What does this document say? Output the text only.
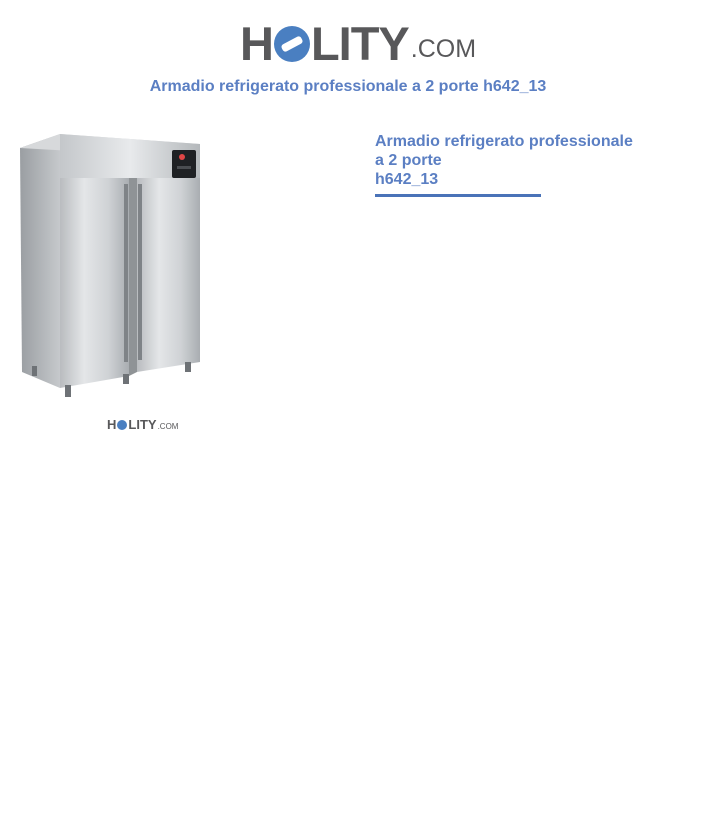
H LITY .COM
Armadio refrigerato professionale a 2 porte h642_13
H LITY .COM
Armadio refrigerato professionale
a 2 porte
h642_13
